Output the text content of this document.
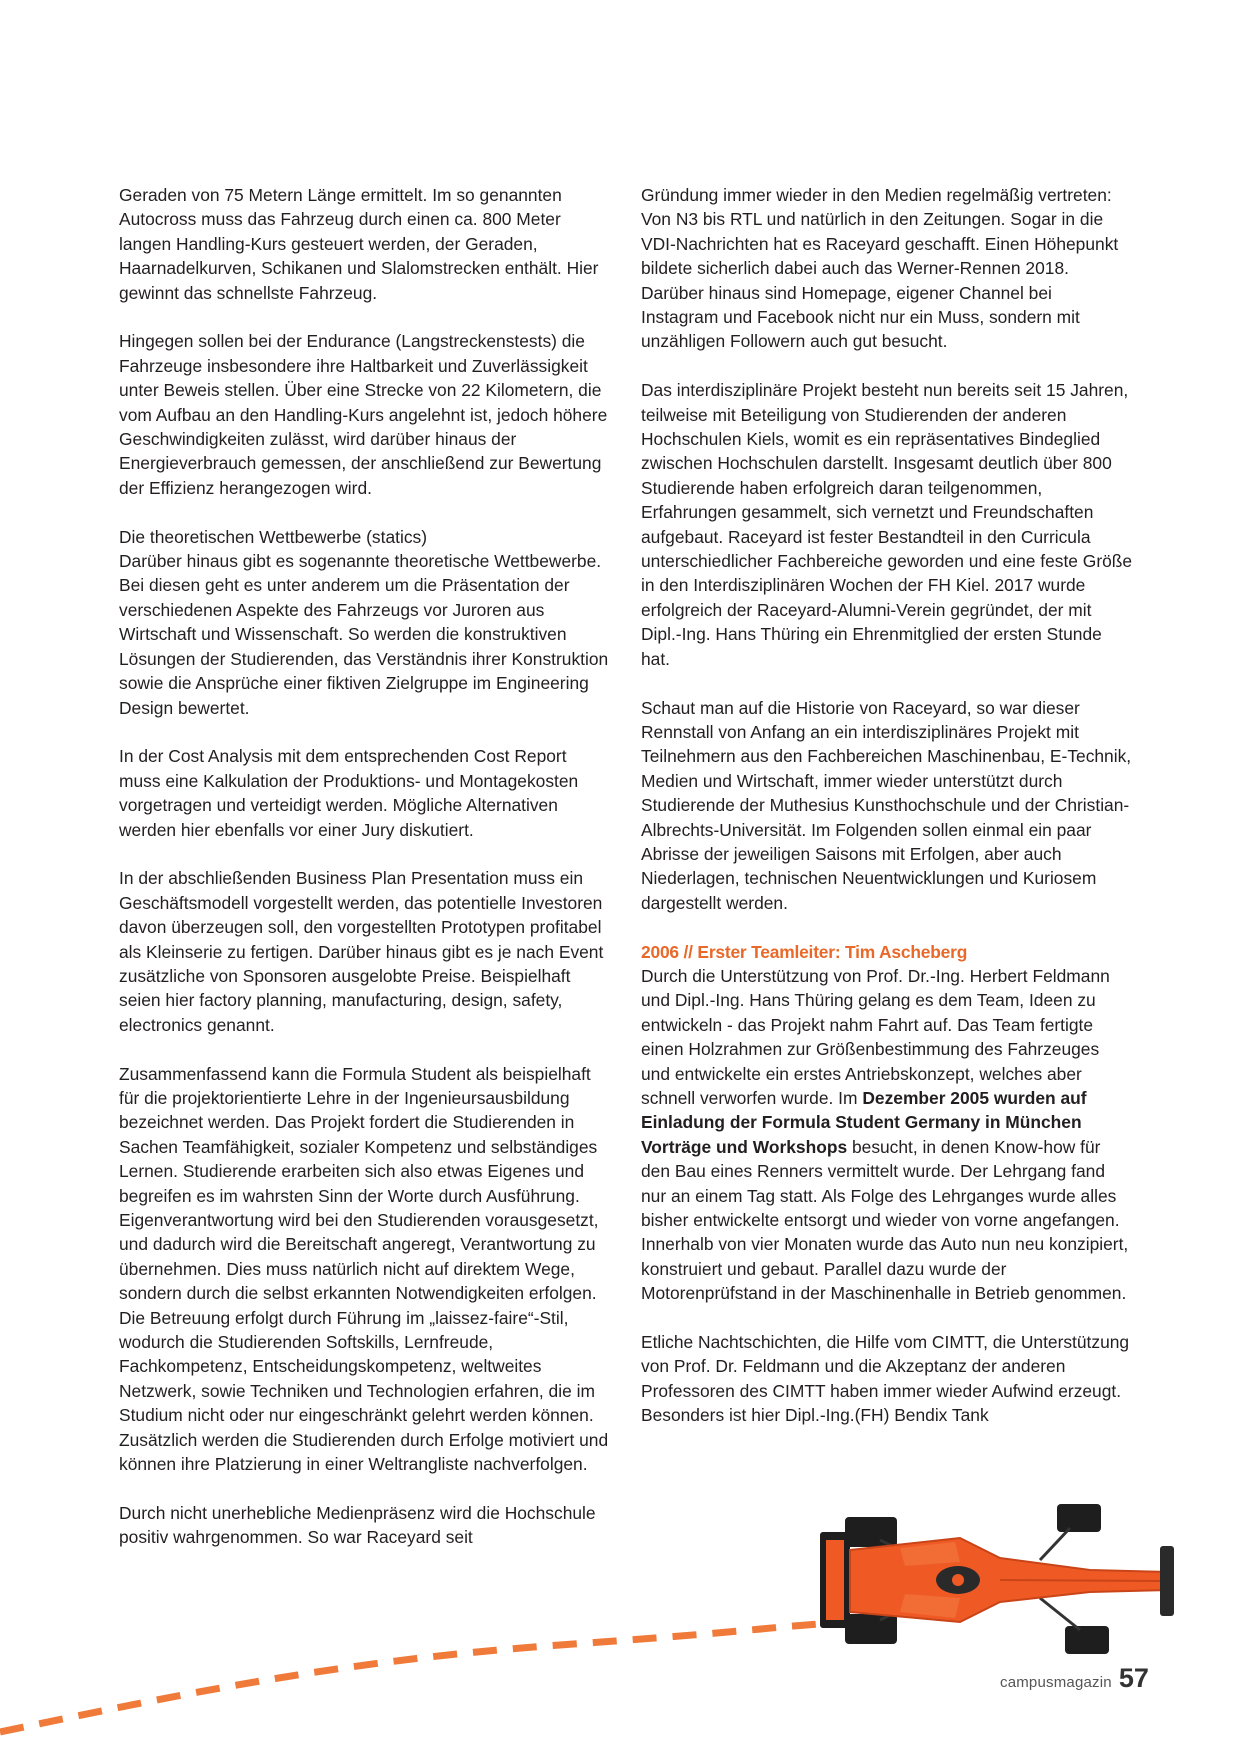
Geraden von 75 Metern Länge ermittelt. Im so genannten Autocross muss das Fahrzeug durch einen ca. 800 Meter langen Handling-Kurs gesteuert werden, der Geraden, Haarnadelkurven, Schikanen und Slalomstrecken enthält. Hier gewinnt das schnellste Fahrzeug.

Hingegen sollen bei der Endurance (Langstreckenstests) die Fahrzeuge insbesondere ihre Haltbarkeit und Zuverlässigkeit unter Beweis stellen. Über eine Strecke von 22 Kilometern, die vom Aufbau an den Handling-Kurs angelehnt ist, jedoch höhere Geschwindigkeiten zulässt, wird darüber hinaus der Energieverbrauch gemessen, der anschließend zur Bewertung der Effizienz herangezogen wird.

Die theoretischen Wettbewerbe (statics)

Darüber hinaus gibt es sogenannte theoretische Wettbewerbe. Bei diesen geht es unter anderem um die Präsentation der verschiedenen Aspekte des Fahrzeugs vor Juroren aus Wirtschaft und Wissenschaft. So werden die konstruktiven Lösungen der Studierenden, das Verständnis ihrer Konstruktion sowie die Ansprüche einer fiktiven Zielgruppe im Engineering Design bewertet.

In der Cost Analysis mit dem entsprechenden Cost Report muss eine Kalkulation der Produktions- und Montagekosten vorgetragen und verteidigt werden. Mögliche Alternativen werden hier ebenfalls vor einer Jury diskutiert.

In der abschließenden Business Plan Presentation muss ein Geschäftsmodell vorgestellt werden, das potentielle Investoren davon überzeugen soll, den vorgestellten Prototypen profitabel als Kleinserie zu fertigen. Darüber hinaus gibt es je nach Event zusätzliche von Sponsoren ausgelobte Preise. Beispielhaft seien hier factory planning, manufacturing, design, safety, electronics genannt.

Zusammenfassend kann die Formula Student als beispielhaft für die projektorientierte Lehre in der Ingenieursausbildung bezeichnet werden. Das Projekt fordert die Studierenden in Sachen Teamfähigkeit, sozialer Kompetenz und selbständiges Lernen. Studierende erarbeiten sich also etwas Eigenes und begreifen es im wahrsten Sinn der Worte durch Ausführung. Eigenverantwortung wird bei den Studierenden vorausgesetzt, und dadurch wird die Bereitschaft angeregt, Verantwortung zu übernehmen. Dies muss natürlich nicht auf direktem Wege, sondern durch die selbst erkannten Notwendigkeiten erfolgen. Die Betreuung erfolgt durch Führung im „laissez-faire“-Stil, wodurch die Studierenden Softskills, Lernfreude, Fachkompetenz, Entscheidungskompetenz, weltweites Netzwerk, sowie Techniken und Technologien erfahren, die im Studium nicht oder nur eingeschränkt gelehrt werden können. Zusätzlich werden die Studierenden durch Erfolge motiviert und können ihre Platzierung in einer Weltrangliste nachverfolgen.

Durch nicht unerhebliche Medienpräsenz wird die Hochschule positiv wahrgenommen. So war Raceyard seit

Gründung immer wieder in den Medien regelmäßig vertreten: Von N3 bis RTL und natürlich in den Zeitungen. Sogar in die VDI-Nachrichten hat es Raceyard geschafft. Einen Höhepunkt bildete sicherlich dabei auch das Werner-Rennen 2018. Darüber hinaus sind Homepage, eigener Channel bei Instagram und Facebook nicht nur ein Muss, sondern mit unzähligen Followern auch gut besucht.

Das interdisziplinäre Projekt besteht nun bereits seit 15 Jahren, teilweise mit Beteiligung von Studierenden der anderen Hochschulen Kiels, womit es ein repräsentatives Bindeglied zwischen Hochschulen darstellt. Insgesamt deutlich über 800 Studierende haben erfolgreich daran teilgenommen, Erfahrungen gesammelt, sich vernetzt und Freundschaften aufgebaut. Raceyard ist fester Bestandteil in den Curricula unterschiedlicher Fachbereiche geworden und eine feste Größe in den Interdisziplinären Wochen der FH Kiel. 2017 wurde erfolgreich der Raceyard-Alumni-Verein gegründet, der mit Dipl.-Ing. Hans Thüring ein Ehrenmitglied der ersten Stunde hat.

Schaut man auf die Historie von Raceyard, so war dieser Rennstall von Anfang an ein interdisziplinäres Projekt mit Teilnehmern aus den Fachbereichen Maschinenbau, E-Technik, Medien und Wirtschaft, immer wieder unterstützt durch Studierende der Muthesius Kunsthochschule und der Christian-Albrechts-Universität. Im Folgenden sollen einmal ein paar Abrisse der jeweiligen Saisons mit Erfolgen, aber auch Niederlagen, technischen Neuentwicklungen und Kuriosem dargestellt werden.

2006 // Erster Teamleiter: Tim Ascheberg

Durch die Unterstützung von Prof. Dr.-Ing. Herbert Feldmann und Dipl.-Ing. Hans Thüring gelang es dem Team, Ideen zu entwickeln - das Projekt nahm Fahrt auf. Das Team fertigte einen Holzrahmen zur Größenbestimmung des Fahrzeuges und entwickelte ein erstes Antriebskonzept, welches aber schnell verworfen wurde. Im Dezember 2005 wurden auf Einladung der Formula Student Germany in München Vorträge und Workshops besucht, in denen Know-how für den Bau eines Renners vermittelt wurde. Der Lehrgang fand nur an einem Tag statt. Als Folge des Lehrganges wurde alles bisher entwickelte entsorgt und wieder von vorne angefangen. Innerhalb von vier Monaten wurde das Auto nun neu konzipiert, konstruiert und gebaut. Parallel dazu wurde der Motorenprüfstand in der Maschinenhalle in Betrieb genommen.

Etliche Nachtschichten, die Hilfe vom CIMTT, die Unterstützung von Prof. Dr. Feldmann und die Akzeptanz der anderen Professoren des CIMTT haben immer wieder Aufwind erzeugt. Besonders ist hier Dipl.-Ing.(FH) Bendix Tank

campusmagazin 57
